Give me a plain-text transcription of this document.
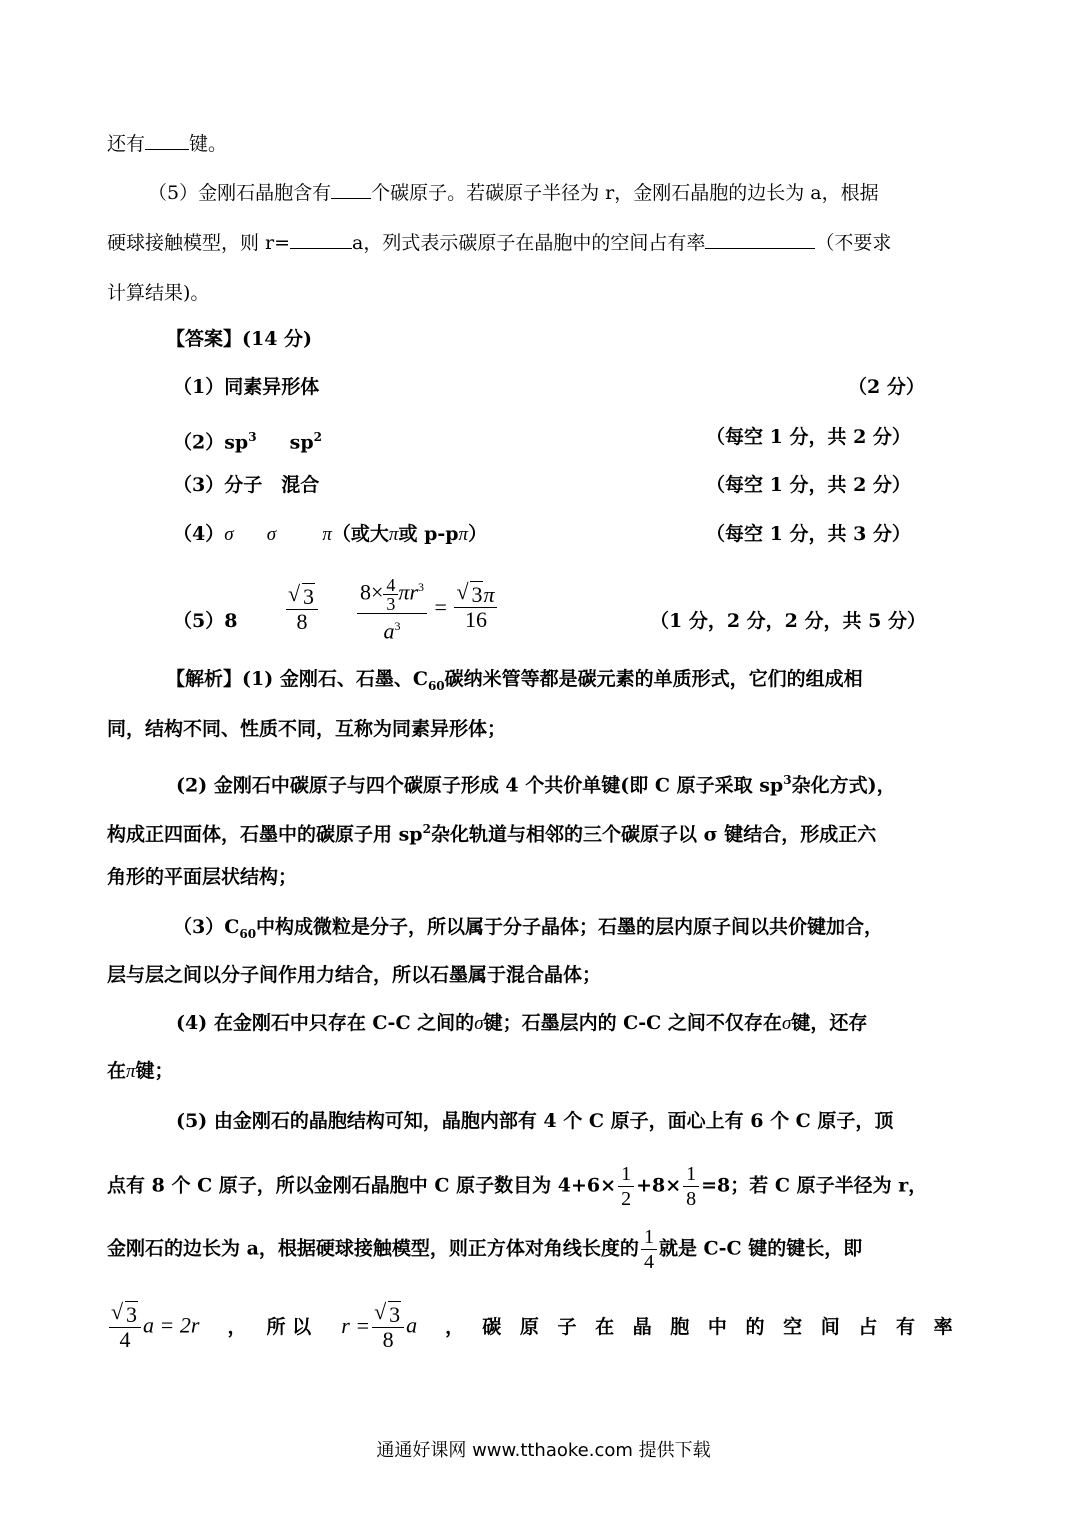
还有 键。
（5）金刚石晶胞含有 个碳原子。若碳原子半径为 r，金刚石晶胞的边长为 a，根据
硬球接触模型，则 r=	a，列式表示碳原子在晶胞中的空间占有率	（不要求
计算结果)。
【答案】(14 分)
（1）同素异形体	（2 分）
$(2)sp^3$ $sp^2$	（每空 1 分，共 2 分）
（3）分子　混合	（每空 1 分，共 2 分）
（4）σ σ π（或大π或 p-pπ）	（每空 1 分，共 3 分）
（5）8	√ $\frac{3}{8} \frac{8\times \frac{4}{3} \pi r^3}{a^3}$ = √ $\frac{3\pi}{16}$	（1 分，2 分，2 分，共 5 分）
【解析】(1) 金刚石、石墨、$C_{60}$碳纳米管等都是碳元素的单质形式，它们的组成相
同，结构不同、性质不同，互称为同素异形体；
(2) 金刚石中碳原子与四个碳原子形成 4 个共价单键(即 C 原子采取 $sp^3$杂化方式)，
构成正四面体，石墨中的碳原子用 $sp^2$杂化轨道与相邻的三个碳原子以 σ 键结合，形成正六
角形的平面层状结构；
$(3)C_{60}$中构成微粒是分子，所以属于分子晶体；石墨的层内原子间以共价键加合，
层与层之间以分子间作用力结合，所以石墨属于混合晶体；
(4) 在金刚石中只存在 C-C 之间的σ键；石墨层内的 C-C 之间不仅存在σ键，还存
在π键；
(5) 由金刚石的晶胞结构可知，晶胞内部有 4 个 C 原子，面心上有 6 个 C 原子，顶
点有 8 个 C 原子，所以金刚石晶胞中 C 原子数目为 $4+6\times \frac{1}{2} +8\times \frac{1}{8} =8$；若 C 原子半径为 r，
金刚石的边长为 a，根据硬球接触模型，则正方体对角线长度的 $\frac{1}{4}$ 就是 C-C 键的键长，即
√ $\frac{3}{4}$ a = 2r ， 所 以 r = √ $\frac{3}{8}$ a ， 碳 原 子 在 晶 胞 中 的 空 间 占 有 率
通通好课网 www.tthaoke.com 提供下载
